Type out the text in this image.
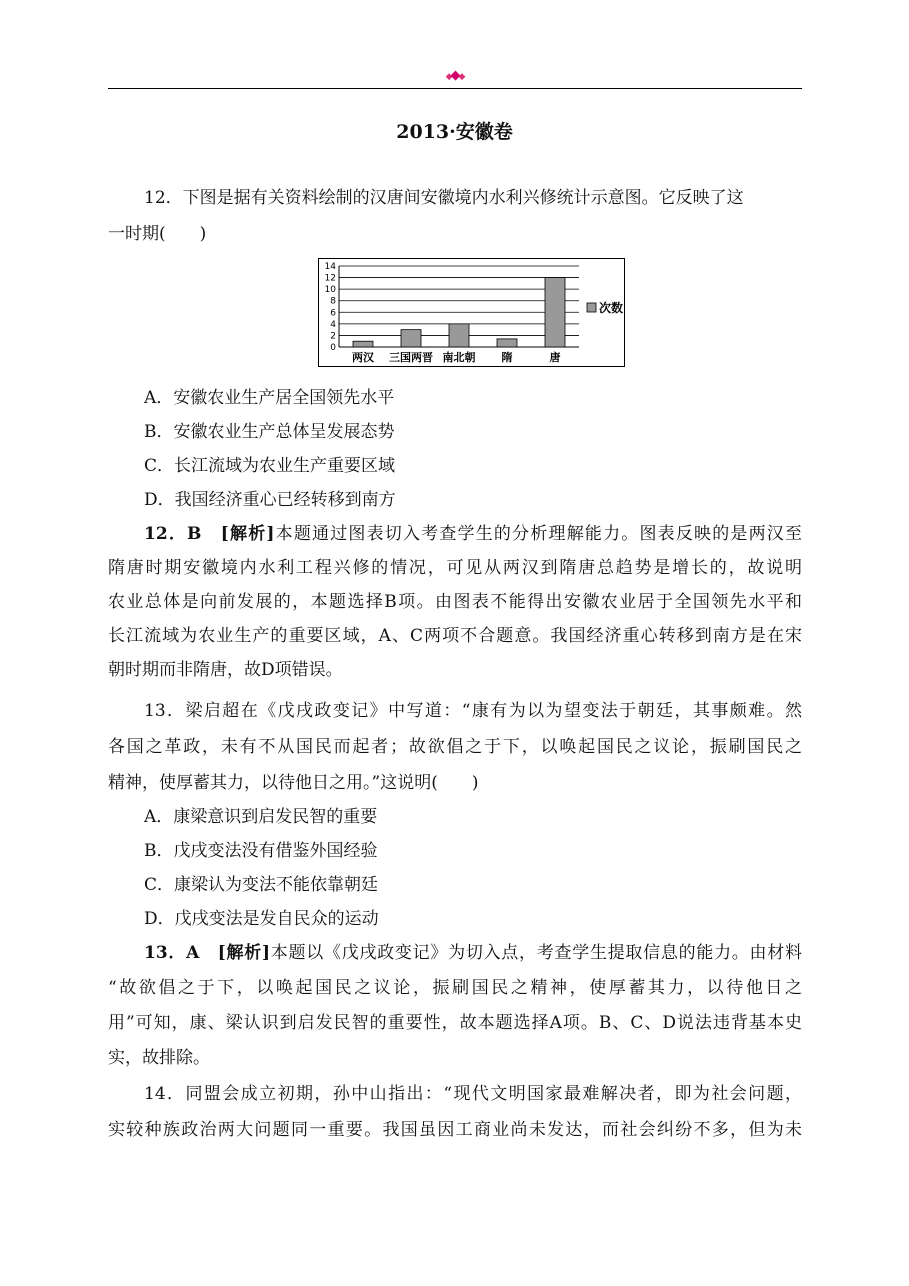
◆◆◆
2013·安徽卷
12．下图是据有关资料绘制的汉唐间安徽境内水利兴修统计示意图。它反映了这
一时期(　　)
0
2
4
6
8
10
12
14
两汉 三国两晋 南北朝 隋	唐
次数
A．安徽农业生产居全国领先水平
B．安徽农业生产总体呈发展态势
C．长江流域为农业生产重要区域
D．我国经济重心已经转移到南方
12．B　[解析]本题通过图表切入考查学生的分析理解能力。图表反映的是两汉至
隋唐时期安徽境内水利工程兴修的情况，可见从两汉到隋唐总趋势是增长的，故说明
农业总体是向前发展的，本题选择B项。由图表不能得出安徽农业居于全国领先水平和
长江流域为农业生产的重要区域，A、C两项不合题意。我国经济重心转移到南方是在宋
朝时期而非隋唐，故D项错误。
13．梁启超在《戊戌政变记》中写道：“康有为以为望变法于朝廷，其事颇难。然
各国之革政，未有不从国民而起者；故欲倡之于下，以唤起国民之议论，振刷国民之
精神，使厚蓄其力，以待他日之用。”这说明(　　)
A．康梁意识到启发民智的重要
B．戊戌变法没有借鉴外国经验
C．康梁认为变法不能依靠朝廷
D．戊戌变法是发自民众的运动
13．A　[解析]本题以《戊戌政变记》为切入点，考查学生提取信息的能力。由材料
“故欲倡之于下，以唤起国民之议论，振刷国民之精神，使厚蓄其力，以待他日之
用”可知，康、梁认识到启发民智的重要性，故本题选择A项。B、C、D说法违背基本史
实，故排除。
14．同盟会成立初期，孙中山指出：“现代文明国家最难解决者，即为社会问题，
实较种族政治两大问题同一重要。我国虽因工商业尚未发达，而社会纠纷不多，但为未
